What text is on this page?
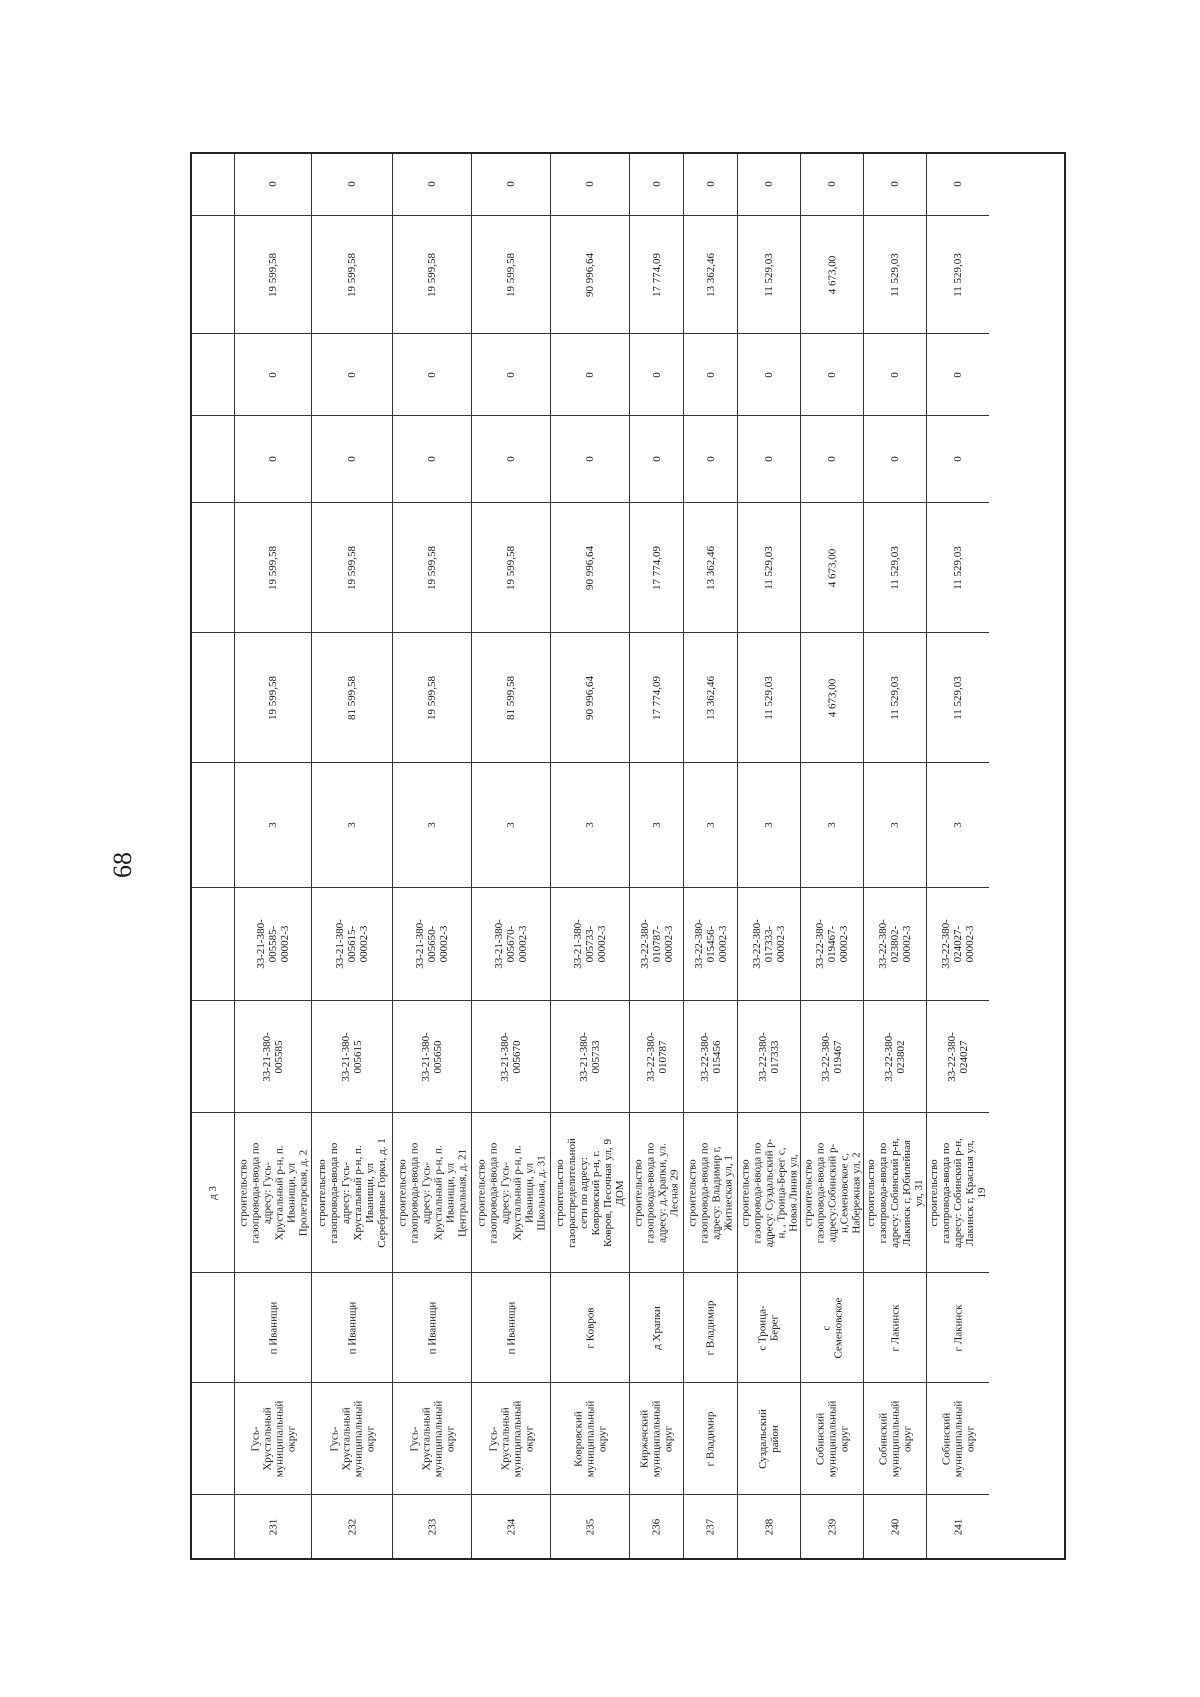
68
д 3
231
Гусь-
Хрустальный
муниципальный
округ
п Иванищи
строительство
газопровода-ввода по
адресу: Гусь-
Хрустальный р-н, п.
Иванищи, ул
Пролетарская, д. 2
33-21-380-
005585
33-21-380-
005585-
00002-3
3
19 599,58
19 599,58
0
0
19 599,58
0
232
Гусь-
Хрустальный
муниципальный
округ
п Иванищи
строительство
газопровода-ввода по
адресу: Гусь-
Хрустальный р-н, п.
Иванищи, ул
Серебряные Горки, д. 1
33-21-380-
005615
33-21-380-
005615-
00002-3
3
81 599,58
19 599,58
0
0
19 599,58
0
233
Гусь-
Хрустальный
муниципальный
округ
п Иванищи
строительство
газопровода-ввода по
адресу: Гусь-
Хрустальный р-н, п.
Иванищи, ул
Центральная, д. 21
33-21-380-
005650
33-21-380-
005650-
00002-3
3
19 599,58
19 599,58
0
0
19 599,58
0
234
Гусь-
Хрустальный
муниципальный
округ
п Иванищи
строительство
газопровода-ввода по
адресу: Гусь-
Хрустальный р-н, п.
Иванищи, ул
Школьная, д. 31
33-21-380-
005670
33-21-380-
005670-
00002-3
3
81 599,58
19 599,58
0
0
19 599,58
0
235
Ковровский
муниципальный
округ
г Ковров
строительство
газораспределительной
сети по адресу:
Ковровский р-н, г.
Ковров, Песочная ул, 9
ДОМ
33-21-380-
005733
33-21-380-
005733-
00002-3
3
90 996,64
90 996,64
0
0
90 996,64
0
236
Киржачский
муниципальный
округ
д Храпки
строительство
газопровода-ввода по
адресу: д.Храпки, ул.
Лесная 29
33-22-380-
010787
33-22-380-
010787-
00002-3
3
17 774,09
17 774,09
0
0
17 774,09
0
237
г Владимир
г Владимир
строительство
газопровода-ввода по
адресу: Владимир г,
Житнеская ул, 1
33-22-380-
015456
33-22-380-
015456-
00002-3
3
13 362,46
13 362,46
0
0
13 362,46
0
238
Суздальский
район
с Троица-
Берег
строительство
газопровода-ввода по
адресу: Суздальский р-
н, , Троица-Берег с,
Новая Линия ул,
33-22-380-
017333
33-22-380-
017333-
00002-3
3
11 529,03
11 529,03
0
0
11 529,03
0
239
Собинский
муниципальный
округ
с
Семеновское
строительство
газопровода-ввода по
адресу:Собинский р-
н,Семеновское с,
Набережная ул, 2
33-22-380-
019467
33-22-380-
019467-
00002-3
3
4 673,00
4 673,00
0
0
4 673,00
0
240
Собинский
муниципальный
округ
г Лакинск
строительство
газопровода-ввода по
адресу: Собинский р-н,
Лакинск г, Юбилейная
ул, 31
33-22-380-
023802
33-22-380-
023802-
00002-3
3
11 529,03
11 529,03
0
0
11 529,03
0
241
Собинский
муниципальный
округ
г Лакинск
строительство
газопровода-ввода по
адресу: Собинский р-н,
Лакинск г, Красная ул,
19
33-22-380-
024027
33-22-380-
024027-
00002-3
3
11 529,03
11 529,03
0
0
11 529,03
0
